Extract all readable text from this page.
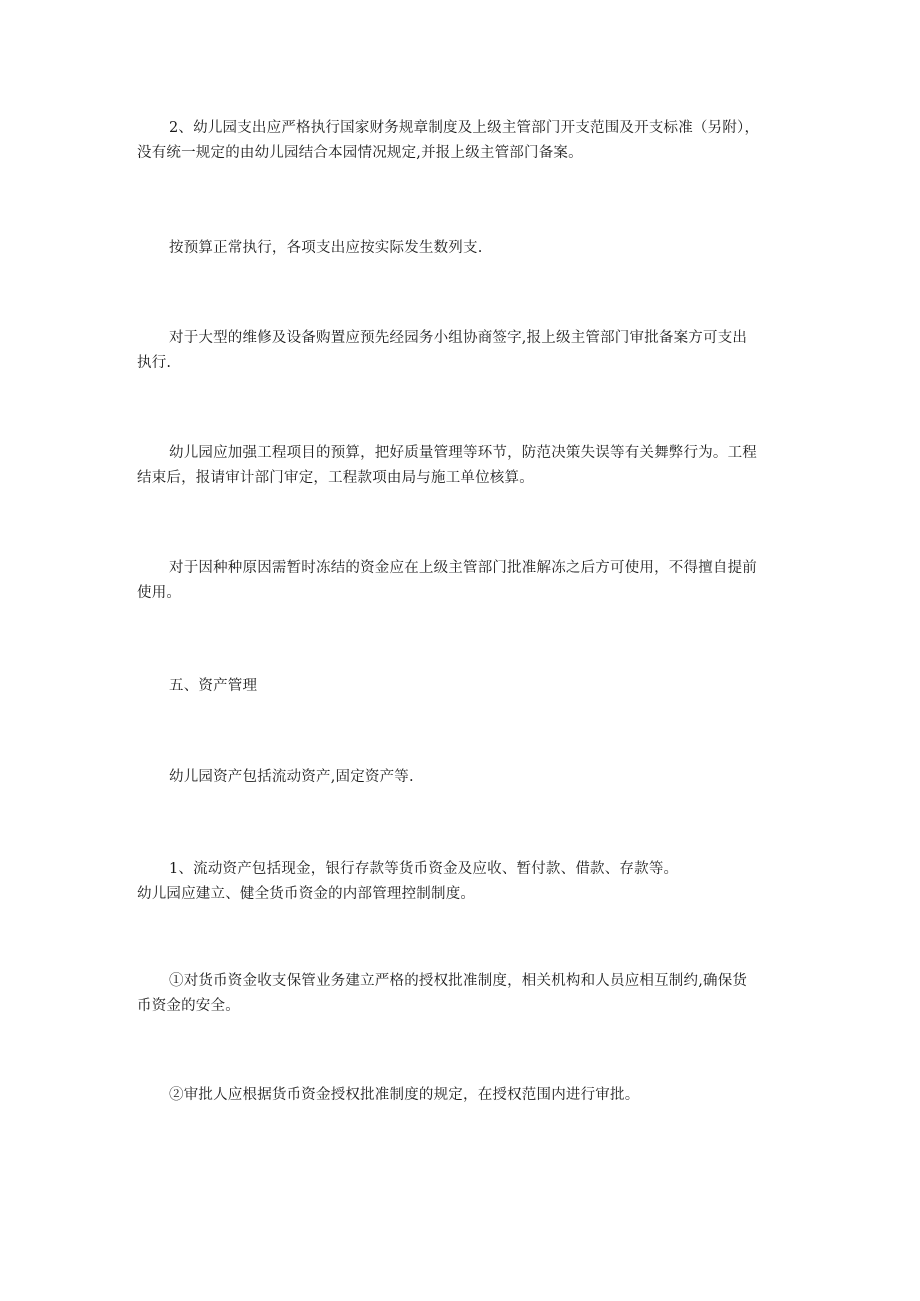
2、幼儿园支出应严格执行国家财务规章制度及上级主管部门开支范围及开支标准（另附），
没有统一规定的由幼儿园结合本园情况规定,并报上级主管部门备案。
按预算正常执行，各项支出应按实际发生数列支.
对于大型的维修及设备购置应预先经园务小组协商签字,报上级主管部门审批备案方可支出
执行.
幼儿园应加强工程项目的预算，把好质量管理等环节，防范决策失误等有关舞弊行为。工程
结束后，报请审计部门审定，工程款项由局与施工单位核算。
对于因种种原因需暂时冻结的资金应在上级主管部门批准解冻之后方可使用，不得擅自提前
使用。
五、资产管理
幼儿园资产包括流动资产,固定资产等.
1、流动资产包括现金，银行存款等货币资金及应收、暂付款、借款、存款等。
幼儿园应建立、健全货币资金的内部管理控制制度。
①对货币资金收支保管业务建立严格的授权批准制度，相关机构和人员应相互制约,确保货
币资金的安全。
②审批人应根据货币资金授权批准制度的规定，在授权范围内进行审批。
